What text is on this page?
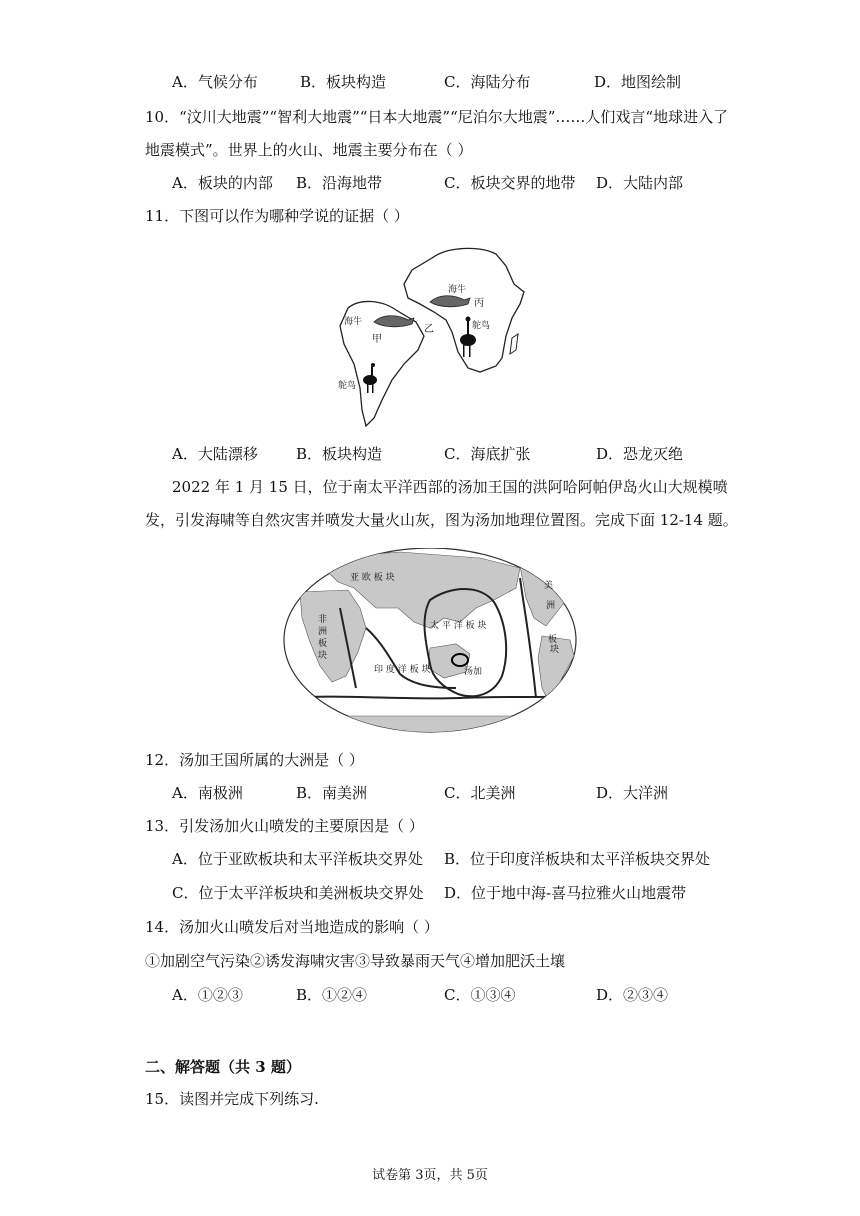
A．气候分布	B．板块构造	C．海陆分布	D．地图绘制
10．“汶川大地震”“智利大地震”“日本大地震”“尼泊尔大地震”……人们戏言“地球进入了
地震模式”。世界上的火山、地震主要分布在（ ）
A．板块的内部 B．沿海地带	C．板块交界的地带 D．大陆内部
11．下图可以作为哪种学说的证据（ ）
海牛
甲
鸵鸟
海牛
乙
丙
鸵鸟
A．大陆漂移	B．板块构造	C．海底扩张	D．恐龙灭绝
2022 年 1 月 15 日，位于南太平洋西部的汤加王国的洪阿哈阿帕伊岛火山大规模喷
发，引发海啸等自然灾害并喷发大量火山灰，图为汤加地理位置图。完成下面 12-14 题。
亚 欧 板 块
非
洲
板
块
太 平 洋 板 块
印 度 洋 板 块	汤加
美
洲
板
块
12．汤加王国所属的大洲是（ ）
A．南极洲	B．南美洲	C．北美洲	D．大洋洲
13．引发汤加火山喷发的主要原因是（ ）
A．位于亚欧板块和太平洋板块交界处 B．位于印度洋板块和太平洋板块交界处
C．位于太平洋板块和美洲板块交界处 D．位于地中海-喜马拉雅火山地震带
14．汤加火山喷发后对当地造成的影响（ ）
①加剧空气污染②诱发海啸灾害③导致暴雨天气④增加肥沃土壤
A．①②③	B．①②④	C．①③④	D．②③④
二、解答题（共 3 题）
15．读图并完成下列练习.
试卷第 3页，共 5页
